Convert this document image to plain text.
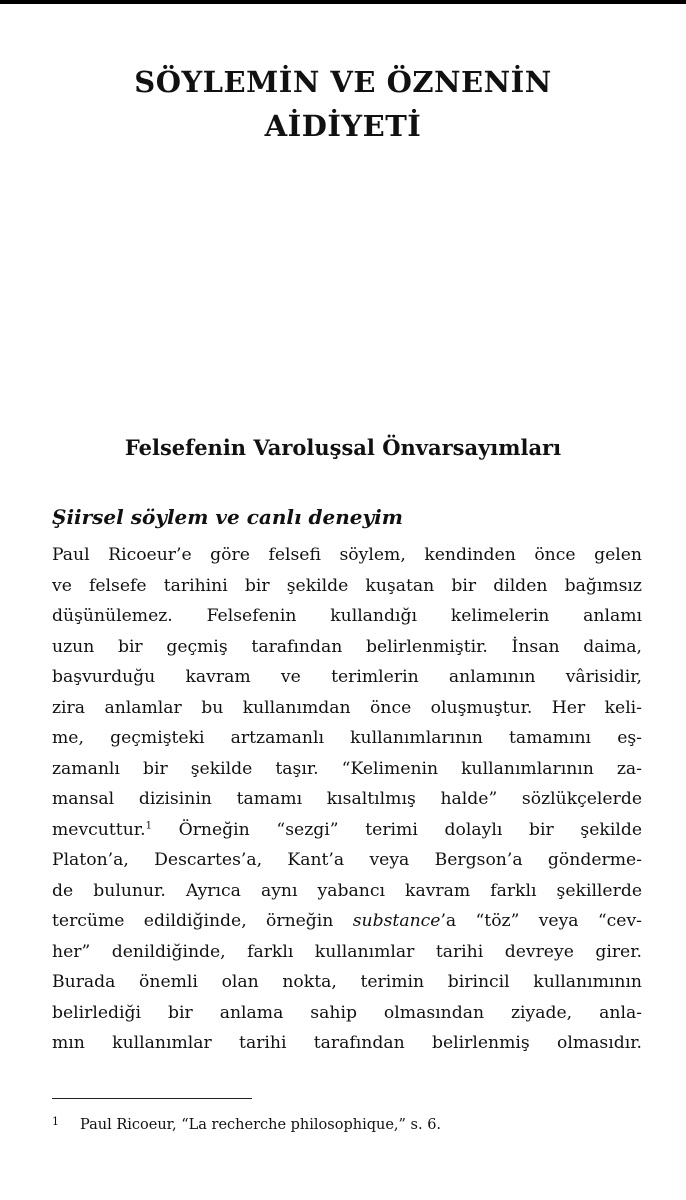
SÖYLEMİN VE ÖZNENİN
AİDİYETİ
Felsefenin Varoluşsal Önvarsayımları
Şiirsel söylem ve canlı deneyim
Paul Ricoeur’e göre felsefi söylem, kendinden önce gelen
ve felsefe tarihini bir şekilde kuşatan bir dilden bağımsız
düşünülemez. Felsefenin kullandığı kelimelerin anlamı
uzun bir geçmiş tarafından belirlenmiştir. İnsan daima,
başvurduğu kavram ve terimlerin anlamının vârisidir,
zira anlamlar bu kullanımdan önce oluşmuştur. Her keli-
me, geçmişteki artzamanlı kullanımlarının tamamını eş-
zamanlı bir şekilde taşır. “Kelimenin kullanımlarının za-
mansal dizisinin tamamı kısaltılmış halde” sözlükçelerde
mevcuttur.$^1$ Örneğin “sezgi” terimi dolaylı bir şekilde
Platon’a, Descartes’a, Kant’a veya Bergson’a gönderme-
de bulunur. Ayrıca aynı yabancı kavram farklı şekillerde
tercüme edildiğinde, örneğin substance’a “töz” veya “cev-
her” denildiğinde, farklı kullanımlar tarihi devreye girer.
Burada önemli olan nokta, terimin birincil kullanımının
belirlediği bir anlama sahip olmasından ziyade, anla-
mın kullanımlar tarihi tarafından belirlenmiş olmasıdır.
1 Paul Ricoeur, “La recherche philosophique,” s. 6.
